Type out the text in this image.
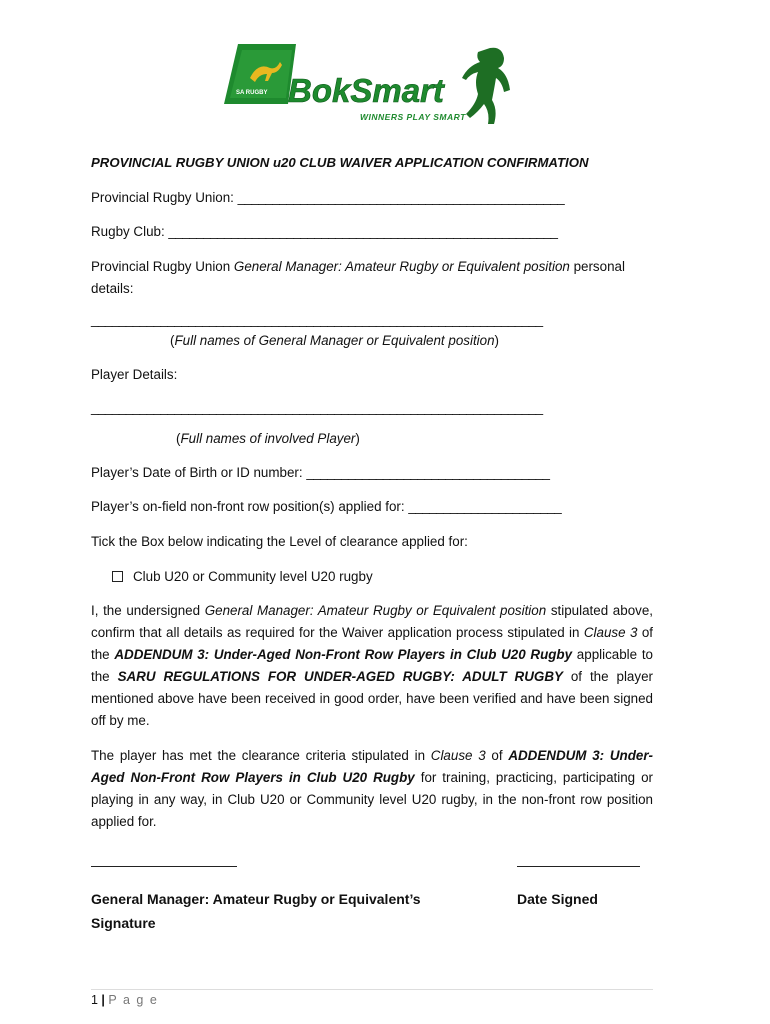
SA RUGBY BokSmart
WINNERS PLAY SMART
PROVINCIAL RUGBY UNION u20 CLUB WAIVER APPLICATION CONFIRMATION
Provincial Rugby Union: _______________________________________________
Rugby Club: ________________________________________________________
Provincial Rugby Union General Manager: Amateur Rugby or Equivalent position personal
details:
_________________________________________________________________
(Full names of General Manager or Equivalent position)
Player Details:
_________________________________________________________________
(Full names of involved Player)
Player’s Date of Birth or ID number: ___________________________________
Player’s on-field non-front row position(s) applied for: ______________________
Tick the Box below indicating the Level of clearance applied for:
Club U20 or Community level U20 rugby
I, the undersigned General Manager: Amateur Rugby or Equivalent position stipulated above, confirm that all details as required for the Waiver application process stipulated in Clause 3 of the ADDENDUM 3: Under-Aged Non-Front Row Players in Club U20 Rugby applicable to the SARU REGULATIONS FOR UNDER-AGED RUGBY: ADULT RUGBY of the player mentioned above have been received in good order, have been verified and have been signed off by me.
The player has met the clearance criteria stipulated in Clause 3 of ADDENDUM 3: Under-Aged Non-Front Row Players in Club U20 Rugby for training, practicing, participating or playing in any way, in Club U20 or Community level U20 rugby, in the non-front row position applied for.
General Manager: Amateur Rugby or Equivalent’s
Signature
Date Signed
1 | P a g e
